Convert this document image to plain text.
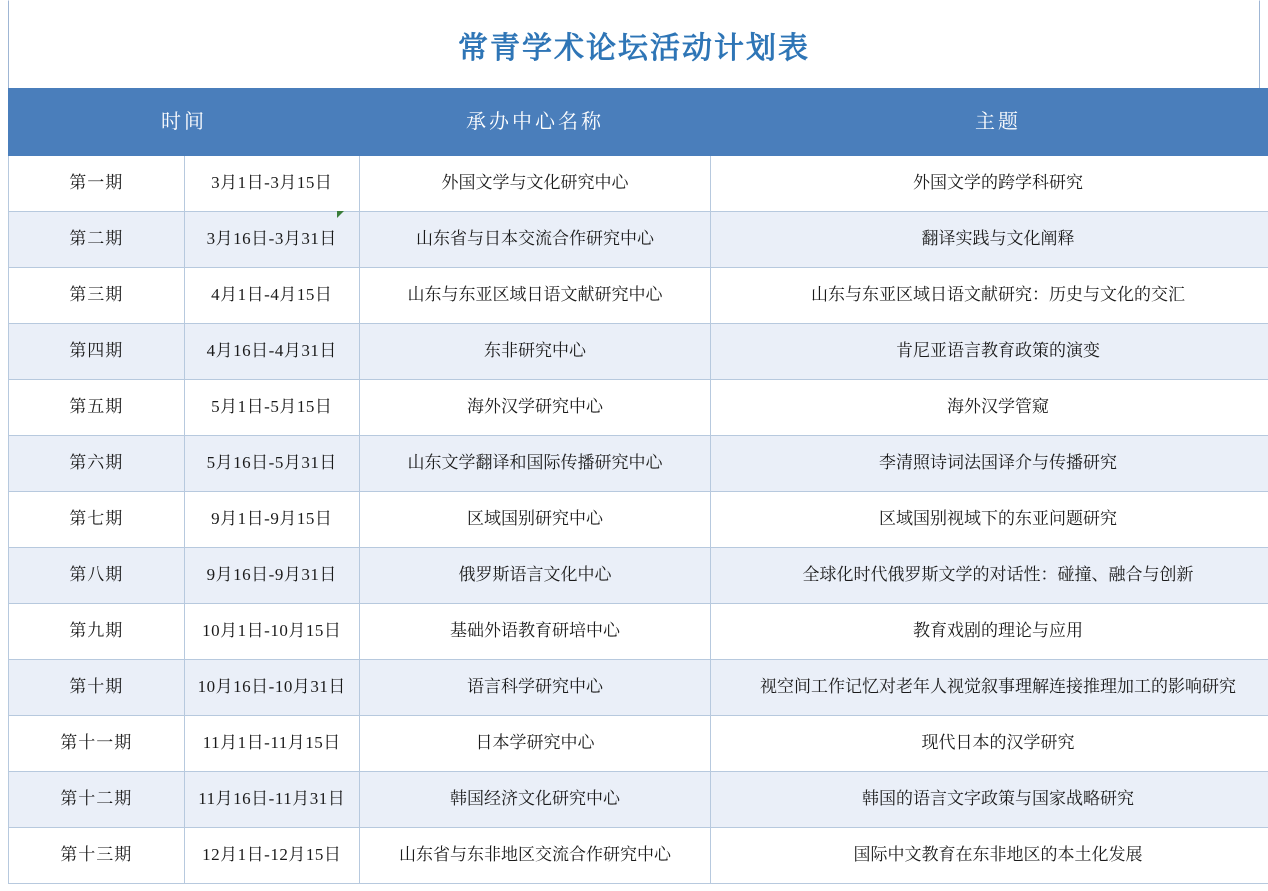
常青学术论坛活动计划表
时间		承办中心名称	主题
第一期	3月1日-3月15日	外国文学与文化研究中心	外国文学的跨学科研究
第二期	3月16日-3月31日	山东省与日本交流合作研究中心	翻译实践与文化阐释
第三期	4月1日-4月15日	山东与东亚区域日语文献研究中心	山东与东亚区域日语文献研究：历史与文化的交汇
第四期	4月16日-4月31日	东非研究中心	肯尼亚语言教育政策的演变
第五期	5月1日-5月15日	海外汉学研究中心	海外汉学管窥
第六期	5月16日-5月31日	山东文学翻译和国际传播研究中心	李清照诗词法国译介与传播研究
第七期	9月1日-9月15日	区域国别研究中心	区域国别视域下的东亚问题研究
第八期	9月16日-9月31日	俄罗斯语言文化中心	全球化时代俄罗斯文学的对话性：碰撞、融合与创新
第九期	10月1日-10月15日	基础外语教育研培中心	教育戏剧的理论与应用
第十期	10月16日-10月31日	语言科学研究中心	视空间工作记忆对老年人视觉叙事理解连接推理加工的影响研究
第十一期	11月1日-11月15日	日本学研究中心	现代日本的汉学研究
第十二期	11月16日-11月31日	韩国经济文化研究中心	韩国的语言文字政策与国家战略研究
第十三期	12月1日-12月15日	山东省与东非地区交流合作研究中心	国际中文教育在东非地区的本土化发展
